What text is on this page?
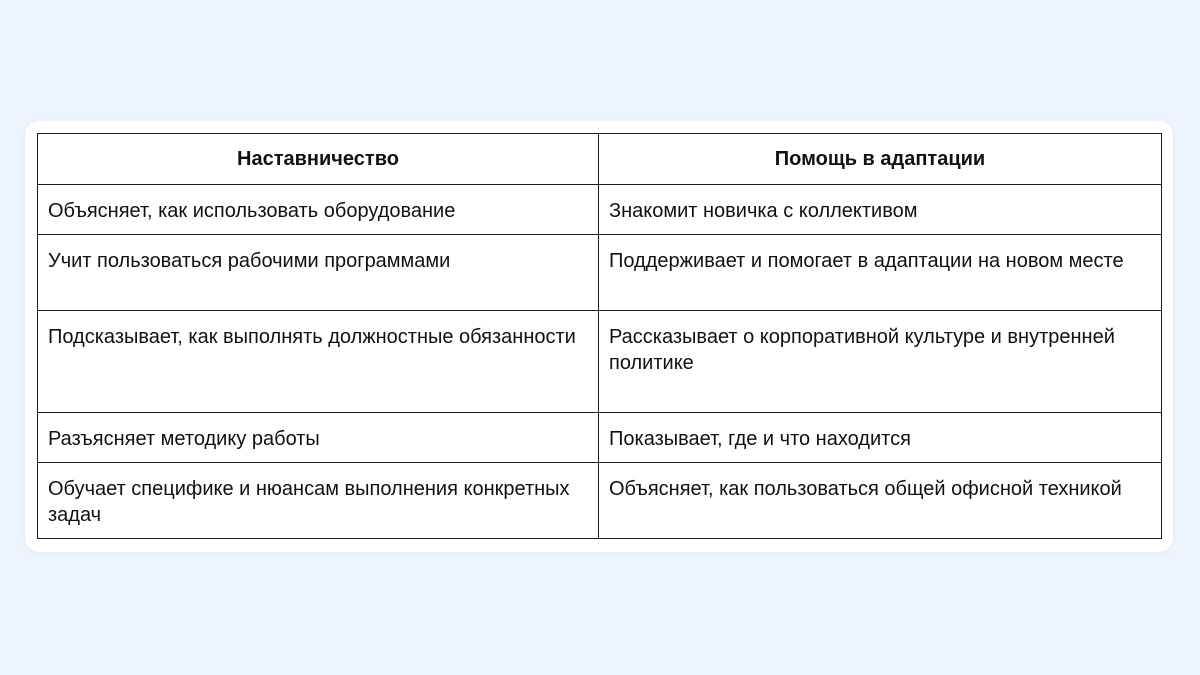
Наставничество	Помощь в адаптации
Объясняет, как использовать оборудование	Знакомит новичка с коллективом
Учит пользоваться рабочими программами	Поддерживает и помогает в адаптации на новом месте
Подсказывает, как выполнять должностные обязанности	Рассказывает о корпоративной культуре и внутренней политике
Разъясняет методику работы	Показывает, где и что находится
Обучает специфике и нюансам выполнения конкретных задач	Объясняет, как пользоваться общей офисной техникой
